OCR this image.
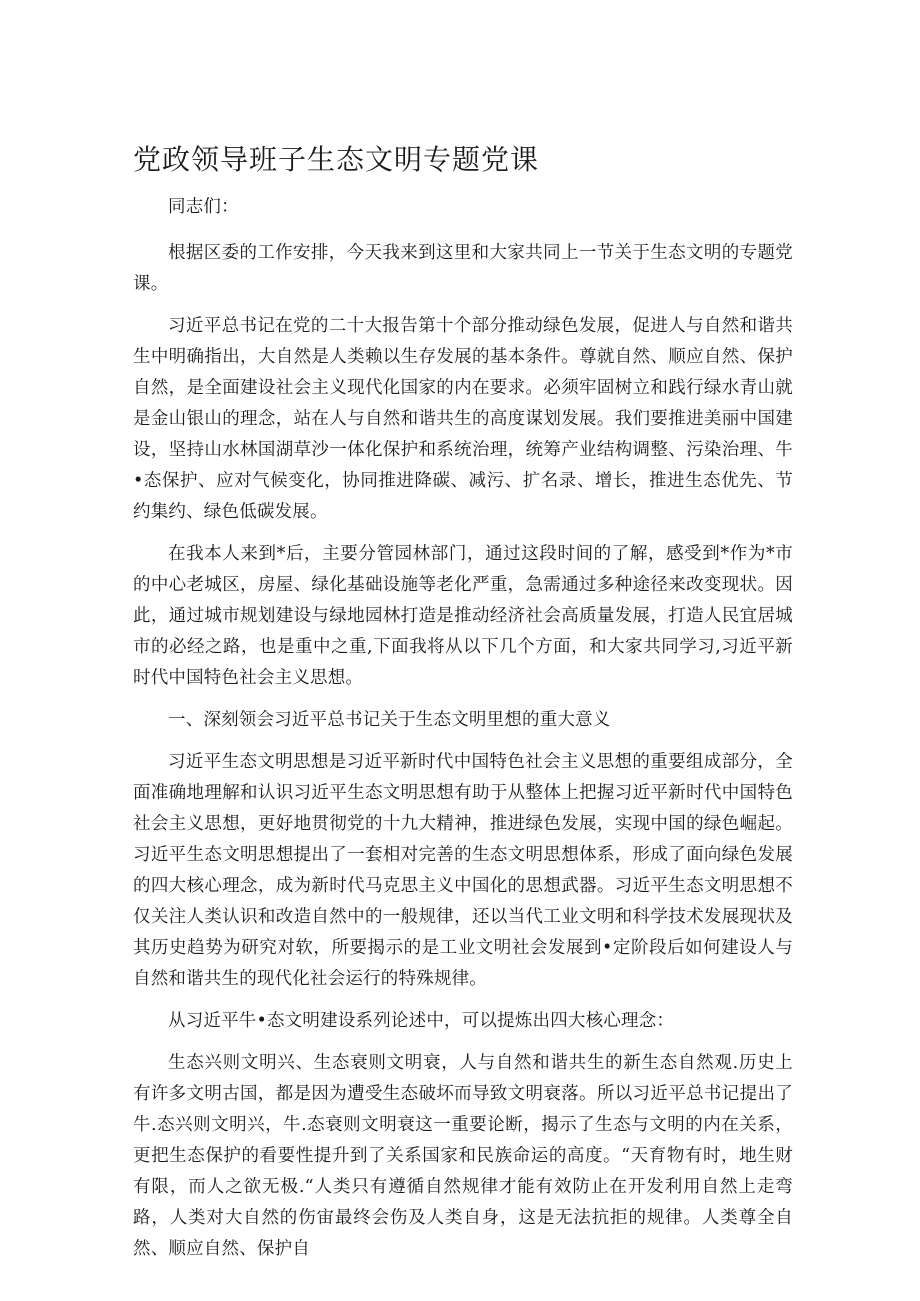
党政领导班子生态文明专题党课

同志们：

根据区委的工作安排，今天我来到这里和大家共同上一节关于生态文明的专题党课。

习近平总书记在党的二十大报告第十个部分推动绿色发展，促进人与自然和谐共生中明确指出，大自然是人类赖以生存发展的基本条件。尊就自然、顺应自然、保护自然，是全面建设社会主义现代化国家的内在要求。必须牢固树立和践行绿水青山就是金山银山的理念，站在人与自然和谐共生的高度谋划发展。我们要推进美丽中国建设，坚持山水林国湖草沙一体化保护和系统治理，统筹产业结构调整、污染治理、牛•态保护、应对气候变化，协同推进降碳、减污、扩名录、增长，推进生态优先、节约集约、绿色低碳发展。

在我本人来到*后，主要分管园林部门，通过这段时间的了解，感受到*作为*市的中心老城区，房屋、绿化基础设施等老化严重，急需通过多种途径来改变现状。因此，通过城市规划建设与绿地园林打造是推动经济社会高质量发展，打造人民宜居城市的必经之路，也是重中之重,下面我将从以下几个方面，和大家共同学习,习近平新时代中国特色社会主义思想。

一、深刻领会习近平总书记关于生态文明里想的重大意义

习近平生态文明思想是习近平新时代中国特色社会主义思想的重要组成部分，全面准确地理解和认识习近平生态文明思想有助于从整体上把握习近平新时代中国特色社会主义思想，更好地贯彻党的十九大精神，推进绿色发展，实现中国的绿色崛起。习近平生态文明思想提出了一套相对完善的生态文明思想体系，形成了面向绿色发展的四大核心理念，成为新时代马克思主义中国化的思想武器。习近平生态文明思想不仅关注人类认识和改造自然中的一般规律，还以当代工业文明和科学技术发展现状及其历史趋势为研究对软，所要揭示的是工业文明社会发展到•定阶段后如何建设人与自然和谐共生的现代化社会运行的特殊规律。

从习近平牛•态文明建设系列论述中，可以提炼出四大核心理念：

生态兴则文明兴、生态衰则文明衰，人与自然和谐共生的新生态自然观.历史上有许多文明古国，都是因为遭受生态破坏而导致文明衰落。所以习近平总书记提出了牛.态兴则文明兴，牛.态衰则文明衰这一重要论断，揭示了生态与文明的内在关系，更把生态保护的看要性提升到了关系国家和民族命运的高度。“天育物有时，地生财有限，而人之欲无极.“人类只有遵循自然规律才能有效防止在开发利用自然上走弯路，人类对大自然的伤宙最终会伤及人类自身，这是无法抗拒的规律。人类尊全自然、顺应自然、保护自
